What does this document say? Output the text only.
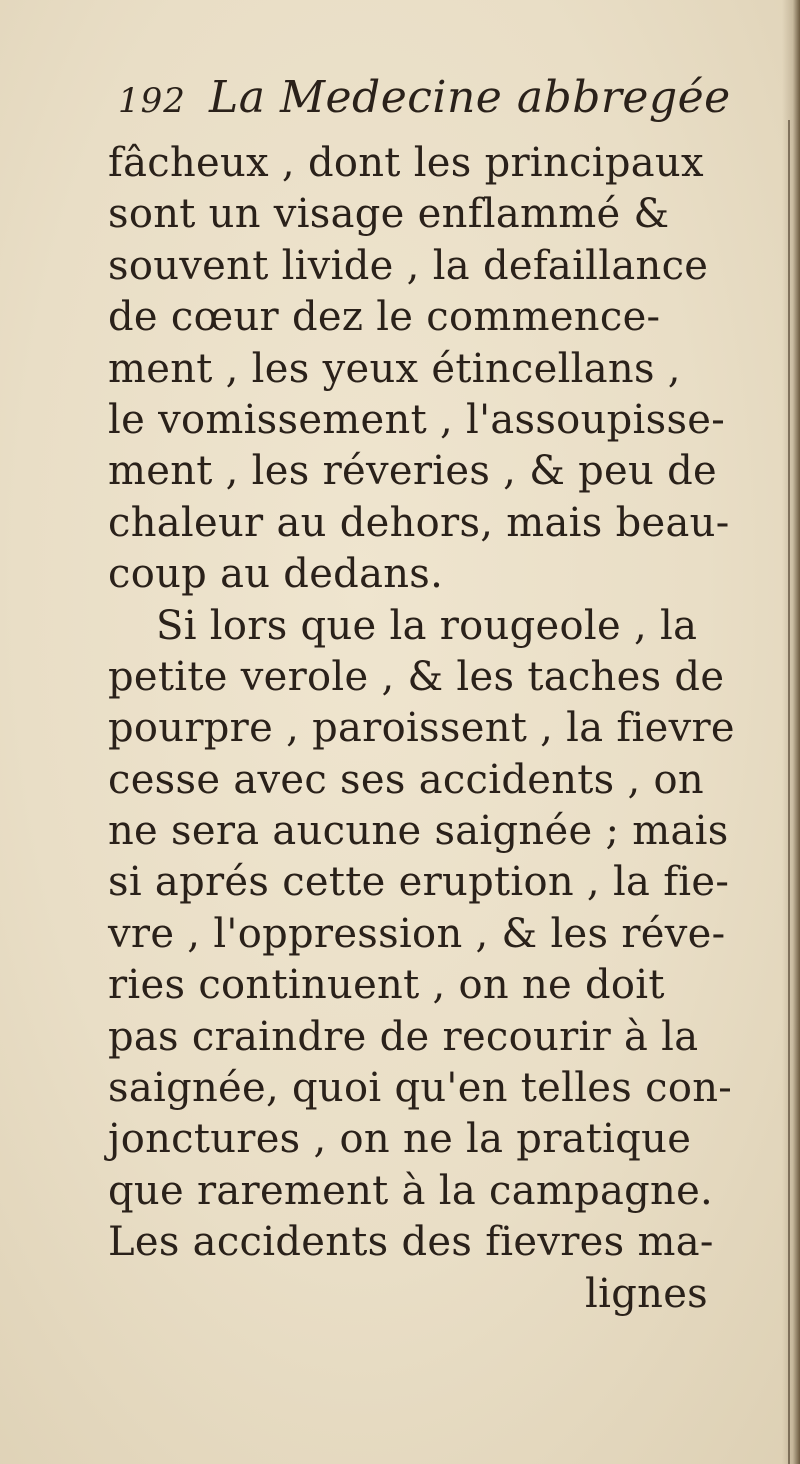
192 La Medecine abbregée
fâcheux , dont les principaux
sont un visage enflammé &
souvent livide , la defaillance
de cœur dez le commence-
ment , les yeux étincellans ,
le vomissement , l'assoupisse-
ment , les réveries , & peu de
chaleur au dehors, mais beau-
coup au dedans.
Si lors que la rougeole , la
petite verole , & les taches de
pourpre , paroissent , la fievre
cesse avec ses accidents , on
ne sera aucune saignée ; mais
si aprés cette eruption , la fie-
vre , l'oppression , & les réve-
ries continuent , on ne doit
pas craindre de recourir à la
saignée, quoi qu'en telles con-
jonctures , on ne la pratique
que rarement à la campagne.
Les accidents des fievres ma-
lignes
